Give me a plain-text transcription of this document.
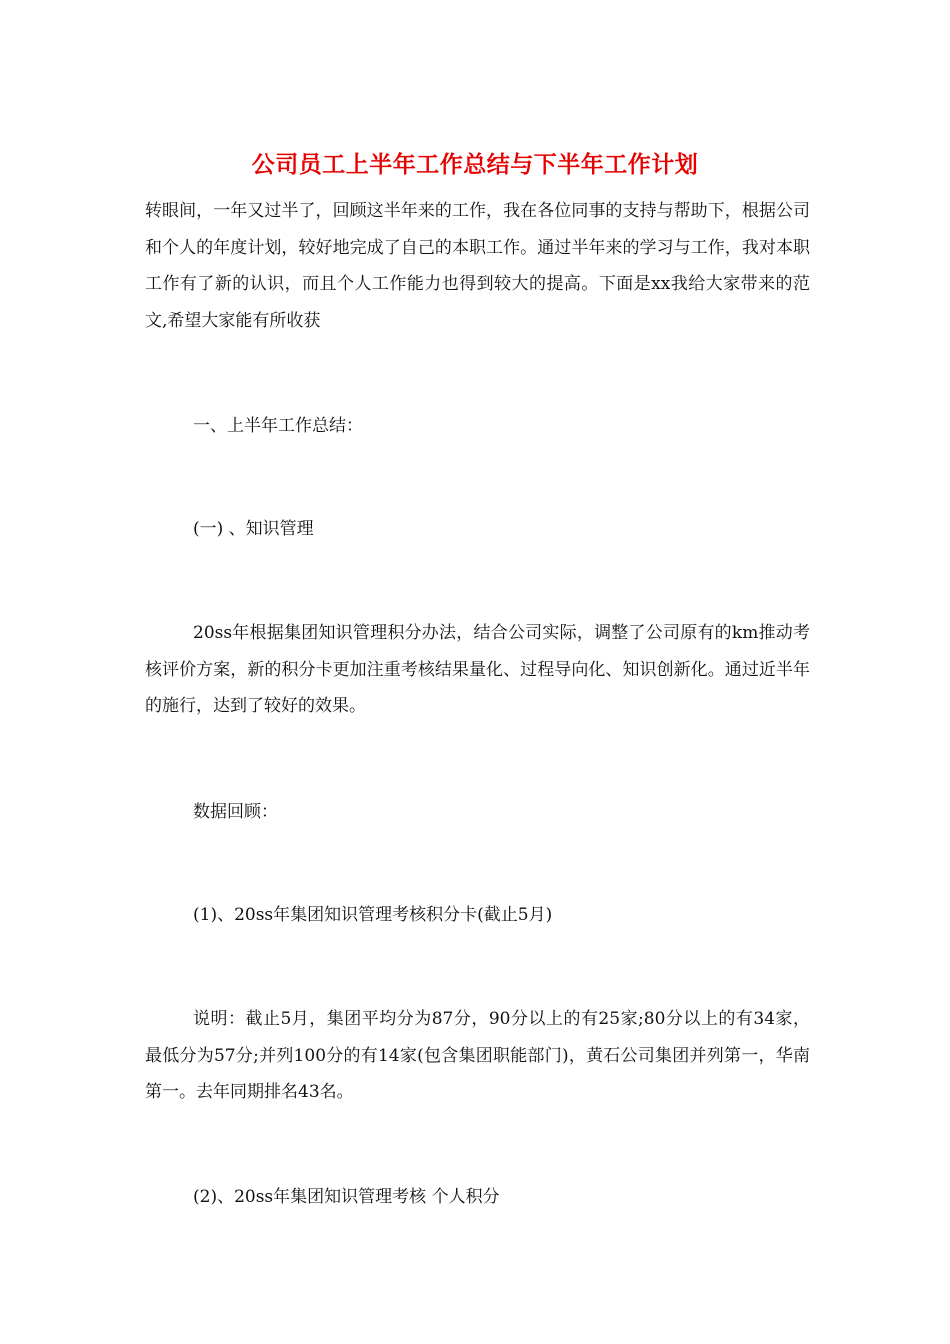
公司员工上半年工作总结与下半年工作计划

转眼间，一年又过半了，回顾这半年来的工作，我在各位同事的支持与帮助下，根据公司和个人的年度计划，较好地完成了自己的本职工作。通过半年来的学习与工作，我对本职工作有了新的认识，而且个人工作能力也得到较大的提高。下面是xx我给大家带来的范文,希望大家能有所收获

一、上半年工作总结：

(一) 、知识管理

20ss年根据集团知识管理积分办法，结合公司实际，调整了公司原有的km推动考核评价方案，新的积分卡更加注重考核结果量化、过程导向化、知识创新化。通过近半年的施行，达到了较好的效果。

数据回顾：

(1)、20ss年集团知识管理考核积分卡(截止5月)

说明：截止5月，集团平均分为87分，90分以上的有25家;80分以上的有34家，最低分为57分;并列100分的有14家(包含集团职能部门)，黄石公司集团并列第一，华南第一。去年同期排名43名。

(2)、20ss年集团知识管理考核 个人积分
